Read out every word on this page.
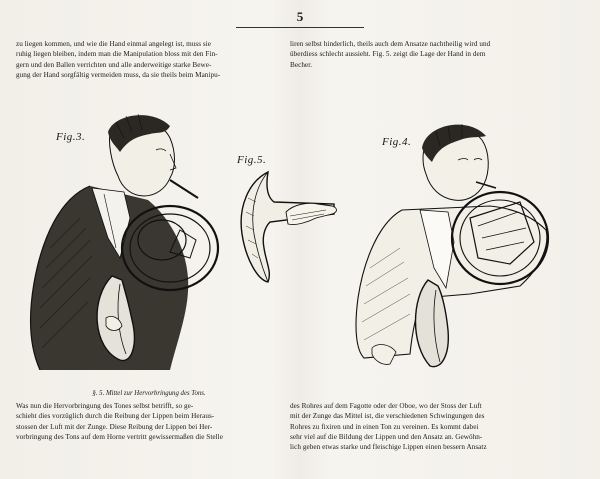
5
zu liegen kommen, und wie die Hand einmal angelegt ist, muss sie
ruhig liegen bleiben, indem man die Manipulation bloss mit den Fin-
gern und den Ballen verrichten und alle anderweitige starke Bewe-
gung der Hand sorgfältig vermeiden muss, da sie theils beim Manipu-
liren selbst hinderlich, theils auch dem Ansatze nachtheilig wird und
überdiess schlecht aussieht. Fig. 5. zeigt die Lage der Hand in dem
Becher.
Fig.3.
Fig.5.
Fig.4.
§. 5. Mittel zur Hervorbringung des Tons.
Was nun die Hervorbringung des Tones selbst betrifft, so ge-
schieht dies vorzüglich durch die Reibung der Lippen beim Heraus-
stossen der Luft mit der Zunge. Diese Reibung der Lippen bei Her-
vorbringung des Tons auf dem Horne vertritt gewissermaßen die Stelle
des Rohres auf dem Fagotte oder der Oboe, wo der Stoss der Luft
mit der Zunge das Mittel ist, die verschiedenen Schwingungen des
Rohres zu fixiren und in einen Ton zu vereinen. Es kommt dabei
sehr viel auf die Bildung der Lippen und den Ansatz an. Gewöhn-
lich geben etwas starke und fleischige Lippen einen bessern Ansatz
